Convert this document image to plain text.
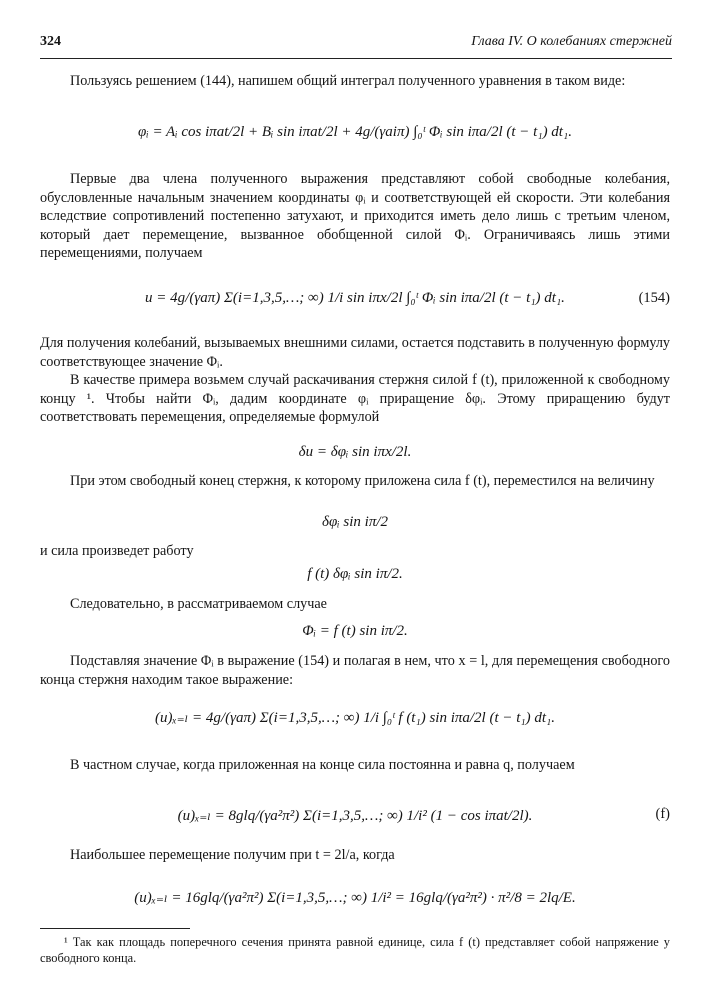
324	Глава IV. О колебаниях стержней
Пользуясь решением (144), напишем общий интеграл полученного уравнения в таком виде:
φᵢ = Aᵢ cos iπat/2l + Bᵢ sin iπat/2l + 4g/(γaiπ) ∫₀ᵗ Φᵢ sin iπa/2l (t − t₁) dt₁.
Первые два члена полученного выражения представляют собой свободные колебания, обусловленные начальным значением координаты φᵢ и соответствующей ей скорости. Эти колебания вследствие сопротивлений постепенно затухают, и приходится иметь дело лишь с третьим членом, который дает перемещение, вызванное обобщенной силой Φᵢ. Ограничиваясь лишь этими перемещениями, получаем
u = 4g/(γaπ) Σ(i=1,3,5,…; ∞) 1/i sin iπx/2l ∫₀ᵗ Φᵢ sin iπa/2l (t − t₁) dt₁.	(154)
Для получения колебаний, вызываемых внешними силами, остается подставить в полученную формулу соответствующее значение Φᵢ.
В качестве примера возьмем случай раскачивания стержня силой f (t), приложенной к свободному концу ¹. Чтобы найти Φᵢ, дадим координате φᵢ приращение δφᵢ. Этому приращению будут соответствовать перемещения, определяемые формулой
δu = δφᵢ sin iπx/2l.
При этом свободный конец стержня, к которому приложена сила f (t), переместился на величину
δφᵢ sin iπ/2
и сила произведет работу
f (t) δφᵢ sin iπ/2.
Следовательно, в рассматриваемом случае
Φᵢ = f (t) sin iπ/2.
Подставляя значение Φᵢ в выражение (154) и полагая в нем, что x = l, для перемещения свободного конца стержня находим такое выражение:
(u)ₓ₌ₗ = 4g/(γaπ) Σ(i=1,3,5,…; ∞) 1/i ∫₀ᵗ f (t₁) sin iπa/2l (t − t₁) dt₁.
В частном случае, когда приложенная на конце сила постоянна и равна q, получаем
(u)ₓ₌ₗ = 8glq/(γa²π²) Σ(i=1,3,5,…; ∞) 1/i² (1 − cos iπat/2l).	(f)
Наибольшее перемещение получим при t = 2l/a, когда
(u)ₓ₌ₗ = 16glq/(γa²π²) Σ(i=1,3,5,…; ∞) 1/i² = 16glq/(γa²π²) · π²/8 = 2lq/E.
¹ Так как площадь поперечного сечения принята равной единице, сила f (t) представляет собой напряжение y свободного конца.
